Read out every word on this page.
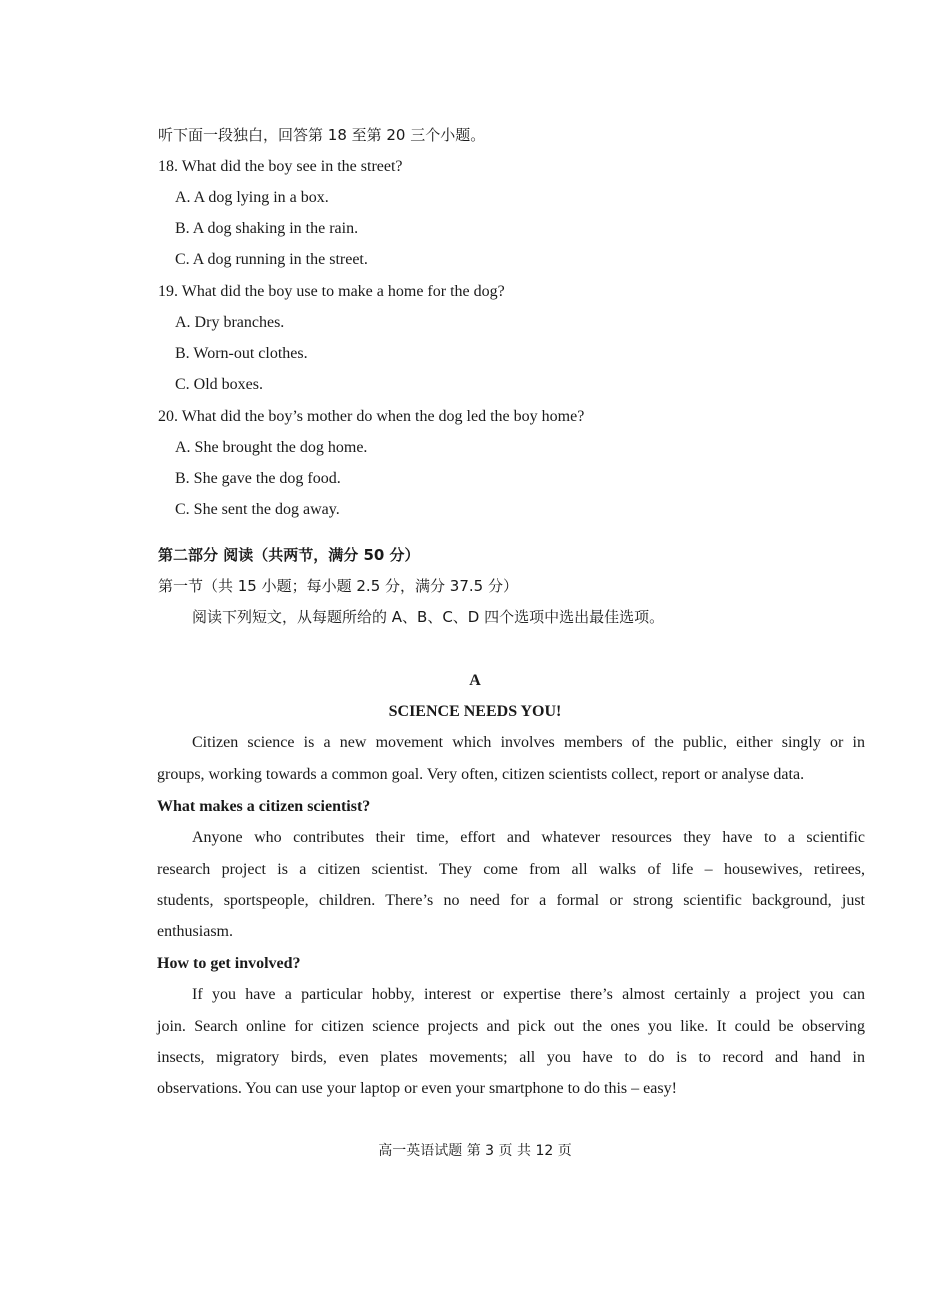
听下面一段独白，回答第 18 至第 20 三个小题。
18. What did the boy see in the street?
A. A dog lying in a box.
B. A dog shaking in the rain.
C. A dog running in the street.
19. What did the boy use to make a home for the dog?
A. Dry branches.
B. Worn-out clothes.
C. Old boxes.
20. What did the boy’s mother do when the dog led the boy home?
A. She brought the dog home.
B. She gave the dog food.
C. She sent the dog away.
第二部分 阅读（共两节，满分 50 分）
第一节（共 15 小题；每小题 2.5 分，满分 37.5 分）
阅读下列短文，从每题所给的 A、B、C、D 四个选项中选出最佳选项。
A
SCIENCE NEEDS YOU!
Citizen science is a new movement which involves members of the public, either singly or in
groups, working towards a common goal. Very often, citizen scientists collect, report or analyse data.
What makes a citizen scientist?
Anyone who contributes their time, effort and whatever resources they have to a scientific
research project is a citizen scientist. They come from all walks of life – housewives, retirees,
students, sportspeople, children. There’s no need for a formal or strong scientific background, just
enthusiasm.
How to get involved?
If you have a particular hobby, interest or expertise there’s almost certainly a project you can
join. Search online for citizen science projects and pick out the ones you like. It could be observing
insects, migratory birds, even plates movements; all you have to do is to record and hand in
observations. You can use your laptop or even your smartphone to do this – easy!
高一英语试题 第 3 页 共 12 页
